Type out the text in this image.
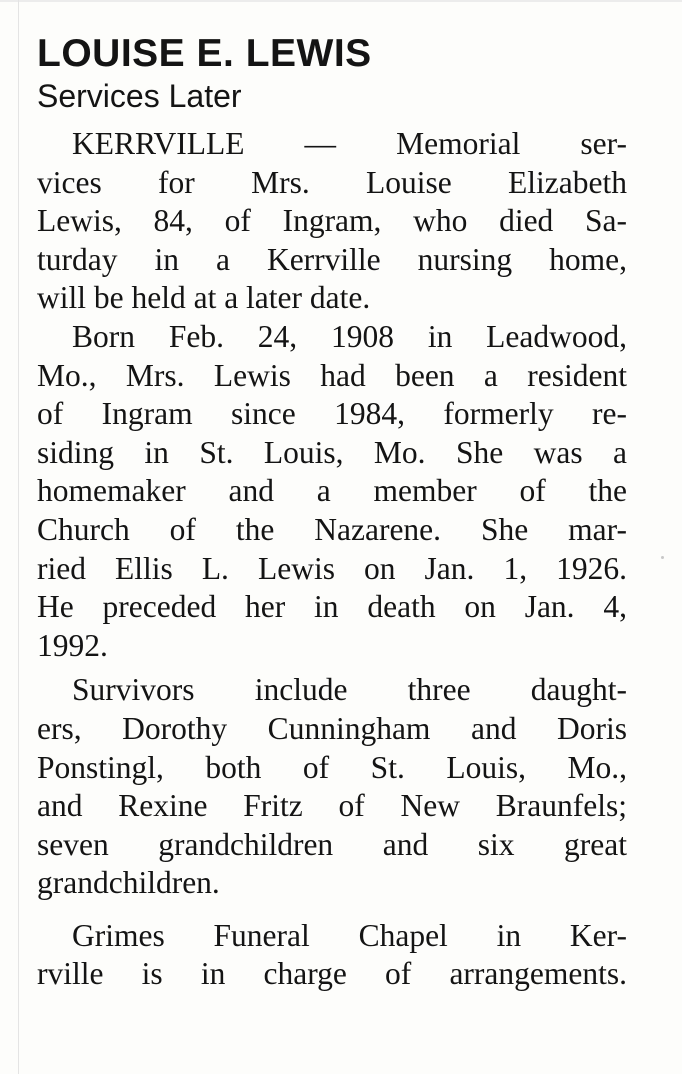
LOUISE E. LEWIS
Services Later

KERRVILLE — Memorial ser-
vices for Mrs. Louise Elizabeth
Lewis, 84, of Ingram, who died Sa-
turday in a Kerrville nursing home,
will be held at a later date.

Born Feb. 24, 1908 in Leadwood,
Mo., Mrs. Lewis had been a resident
of Ingram since 1984, formerly re-
siding in St. Louis, Mo. She was a
homemaker and a member of the
Church of the Nazarene. She mar-
ried Ellis L. Lewis on Jan. 1, 1926.
He preceded her in death on Jan. 4,
1992.

Survivors include three daught-
ers, Dorothy Cunningham and Doris
Ponstingl, both of St. Louis, Mo.,
and Rexine Fritz of New Braunfels;
seven grandchildren and six great
grandchildren.

Grimes Funeral Chapel in Ker-
rville is in charge of arrangements.
